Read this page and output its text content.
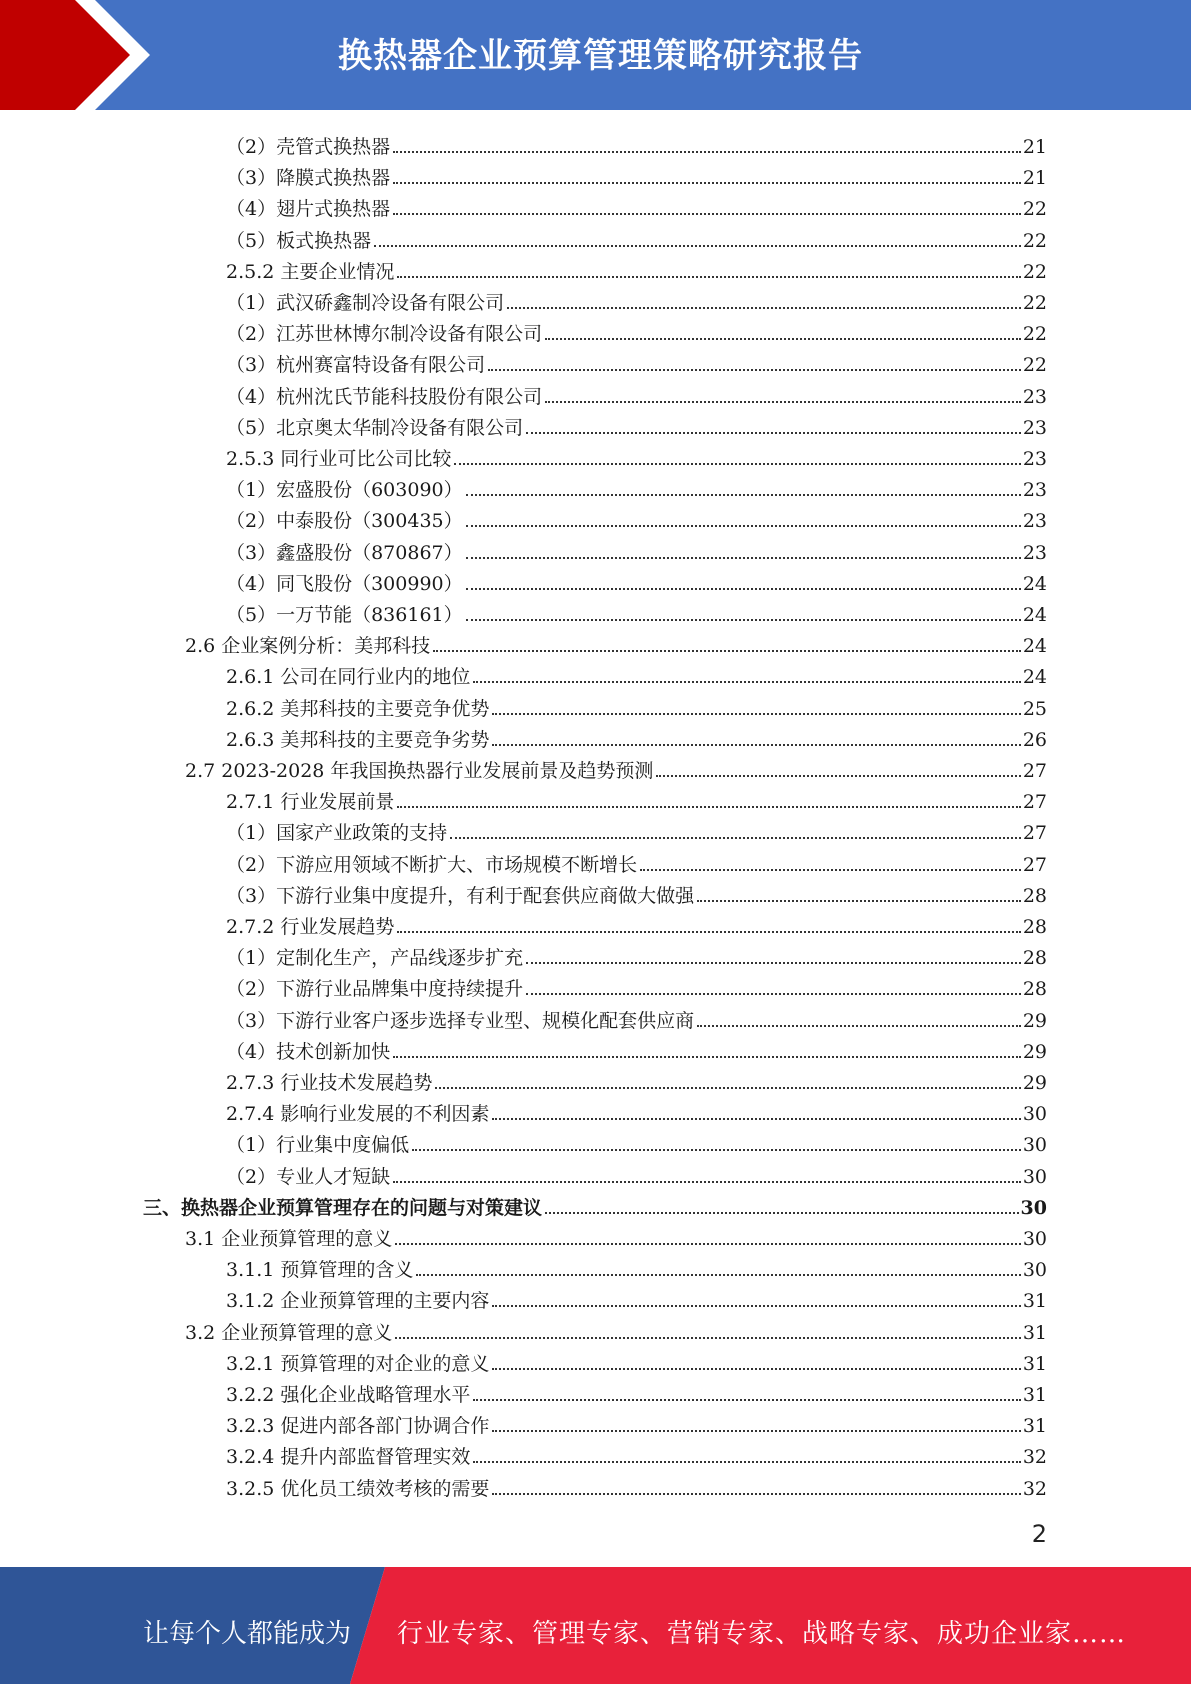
换热器企业预算管理策略研究报告
（2）壳管式换热器	21
（3）降膜式换热器	21
（4）翅片式换热器	22
（5）板式换热器	22
2.5.2 主要企业情况	22
（1）武汉硚鑫制冷设备有限公司	22
（2）江苏世林博尔制冷设备有限公司	22
（3）杭州赛富特设备有限公司	22
（4）杭州沈氏节能科技股份有限公司	23
（5）北京奥太华制冷设备有限公司	23
2.5.3 同行业可比公司比较	23
（1）宏盛股份（603090）	23
（2）中泰股份（300435）	23
（3）鑫盛股份（870867）	23
（4）同飞股份（300990）	24
（5）一万节能（836161）	24
2.6 企业案例分析：美邦科技	24
2.6.1 公司在同行业内的地位	24
2.6.2 美邦科技的主要竞争优势	25
2.6.3 美邦科技的主要竞争劣势	26
2.7 2023-2028 年我国换热器行业发展前景及趋势预测	27
2.7.1 行业发展前景	27
（1）国家产业政策的支持	27
（2）下游应用领域不断扩大、市场规模不断增长	27
（3）下游行业集中度提升，有利于配套供应商做大做强	28
2.7.2 行业发展趋势	28
（1）定制化生产，产品线逐步扩充	28
（2）下游行业品牌集中度持续提升	28
（3）下游行业客户逐步选择专业型、规模化配套供应商	29
（4）技术创新加快	29
2.7.3 行业技术发展趋势	29
2.7.4 影响行业发展的不利因素	30
（1）行业集中度偏低	30
（2）专业人才短缺	30
三、换热器企业预算管理存在的问题与对策建议	30
3.1 企业预算管理的意义	30
3.1.1 预算管理的含义	30
3.1.2 企业预算管理的主要内容	31
3.2 企业预算管理的意义	31
3.2.1 预算管理的对企业的意义	31
3.2.2 强化企业战略管理水平	31
3.2.3 促进内部各部门协调合作	31
3.2.4 提升内部监督管理实效	32
3.2.5 优化员工绩效考核的需要	32
2
让每个人都能成为 行业专家、管理专家、营销专家、战略专家、成功企业家……
